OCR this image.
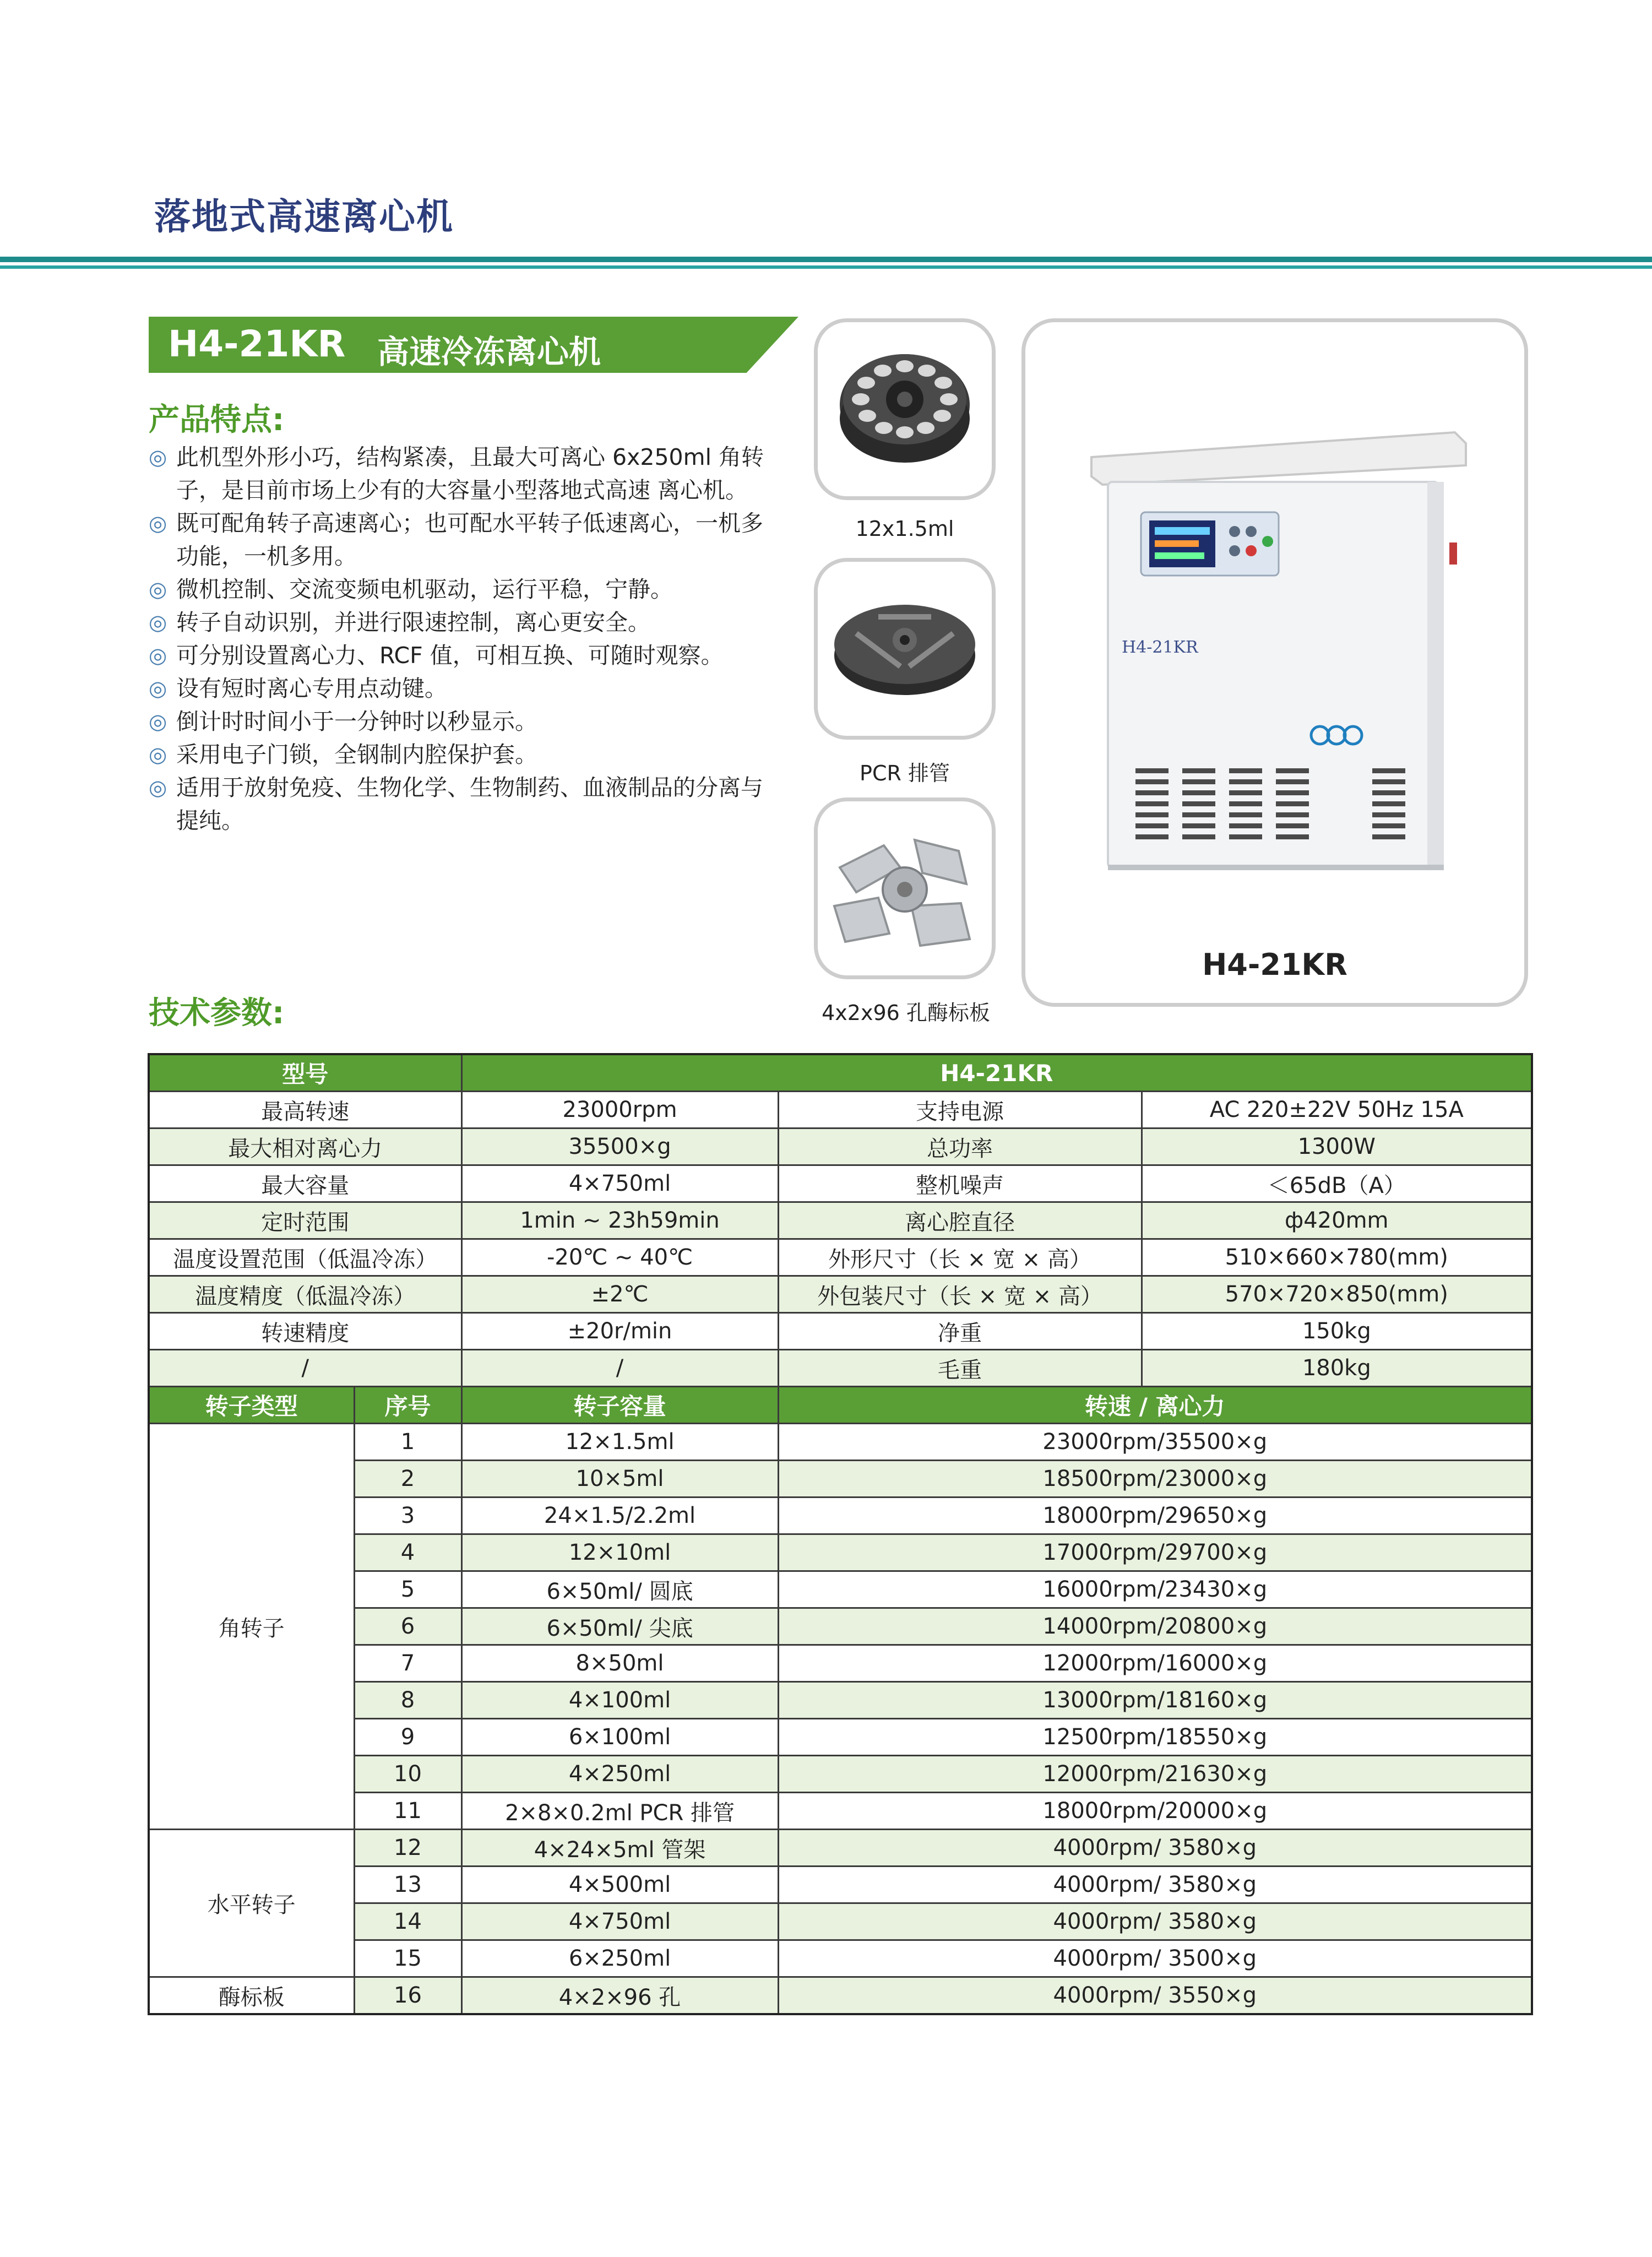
落地式高速离心机
H4-21KR 高速冷冻离心机
产品特点:
◎ 此机型外形小巧，结构紧凑，且最大可离心 6x250ml 角转子，是目前市场上少有的大容量小型落地式高速 离心机。
◎ 既可配角转子高速离心；也可配水平转子低速离心，一机多功能，一机多用。
◎ 微机控制、交流变频电机驱动，运行平稳，宁静。
◎ 转子自动识别，并进行限速控制，离心更安全。
◎ 可分别设置离心力、RCF 值，可相互换、可随时观察。
◎ 设有短时离心专用点动键。
◎ 倒计时时间小于一分钟时以秒显示。
◎ 采用电子门锁，全钢制内腔保护套。
◎ 适用于放射免疫、生物化学、生物制药、血液制品的分离与提纯。
12x1.5ml
PCR 排管
4x2x96 孔酶标板
H4-21KR
H4-21KR
技术参数:
型号		H4-21KR		
最高转速		23000rpm	支持电源	AC 220±22V 50Hz 15A
最大相对离心力		35500×g	总功率	1300W
最大容量		4×750ml	整机噪声	＜65dB（A）
定时范围		1min ~ 23h59min	离心腔直径	ф420mm
温度设置范围（低温冷冻）		-20℃ ~ 40℃	外形尺寸（长 × 宽 × 高）	510×660×780(mm)
温度精度（低温冷冻）		±2℃	外包装尺寸（长 × 宽 × 高）	570×720×850(mm)
转速精度		±20r/min	净重	150kg
/		/	毛重	180kg
转子类型	序号	转子容量	转速 / 离心力	
角转子	1	12×1.5ml	23000rpm/35500×g	
	2	10×5ml	18500rpm/23000×g	
	3	24×1.5/2.2ml	18000rpm/29650×g	
	4	12×10ml	17000rpm/29700×g	
	5	6×50ml/ 圆底	16000rpm/23430×g	
	6	6×50ml/ 尖底	14000rpm/20800×g	
	7	8×50ml	12000rpm/16000×g	
	8	4×100ml	13000rpm/18160×g	
	9	6×100ml	12500rpm/18550×g	
	10	4×250ml	12000rpm/21630×g	
	11	2×8×0.2ml PCR 排管	18000rpm/20000×g	
水平转子	12	4×24×5ml 管架	4000rpm/ 3580×g	
	13	4×500ml	4000rpm/ 3580×g	
	14	4×750ml	4000rpm/ 3580×g	
	15	6×250ml	4000rpm/ 3500×g	
酶标板	16	4×2×96 孔	4000rpm/ 3550×g	
